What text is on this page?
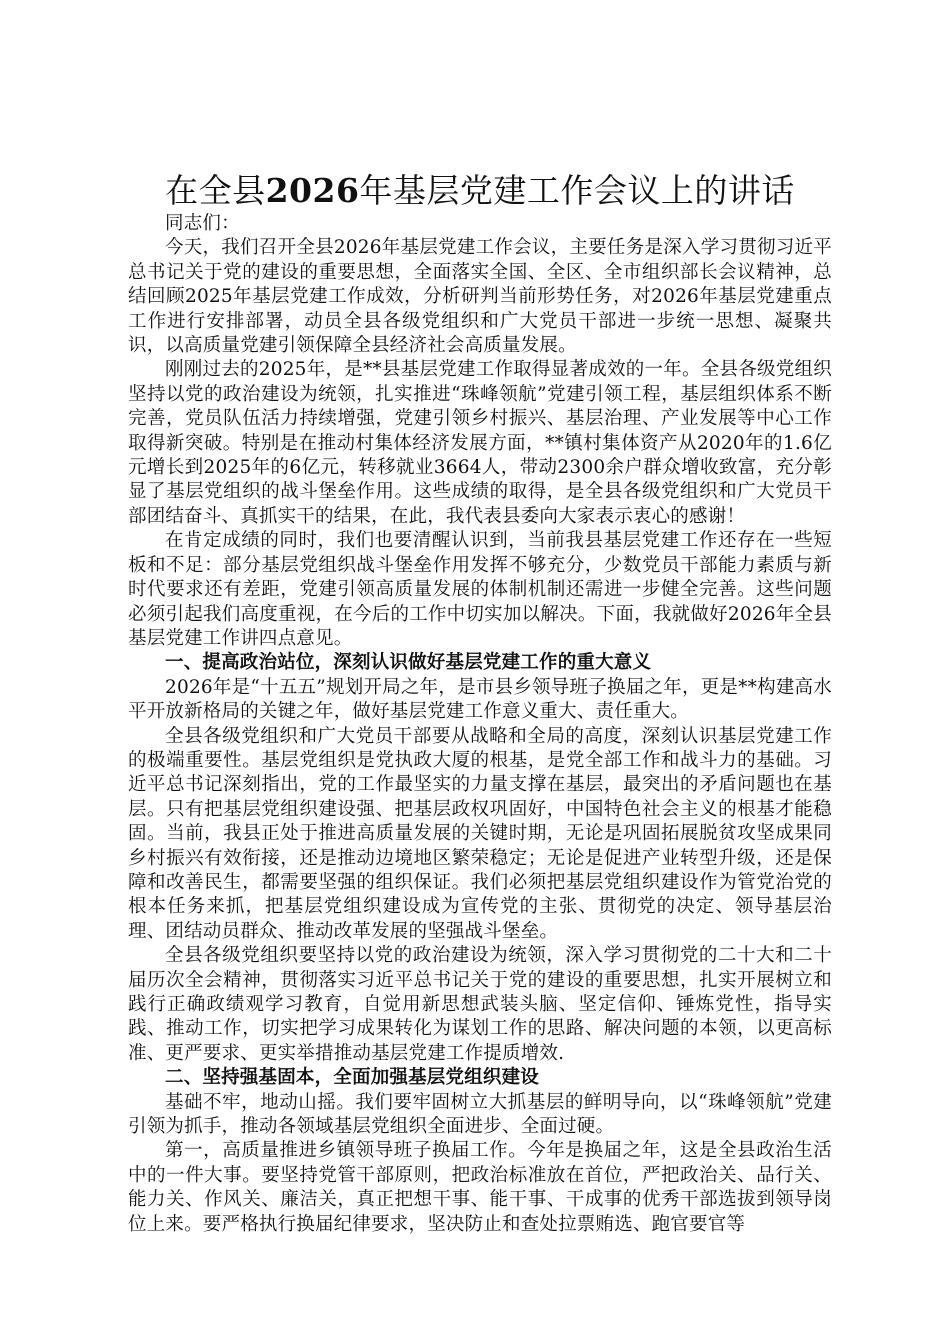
在全县2026年基层党建工作会议上的讲话

同志们：

今天，我们召开全县2026年基层党建工作会议，主要任务是深入学习贯彻习近平总书记关于党的建设的重要思想，全面落实全国、全区、全市组织部长会议精神，总结回顾2025年基层党建工作成效，分析研判当前形势任务，对2026年基层党建重点工作进行安排部署，动员全县各级党组织和广大党员干部进一步统一思想、凝聚共识，以高质量党建引领保障全县经济社会高质量发展。

刚刚过去的2025年，是**县基层党建工作取得显著成效的一年。全县各级党组织坚持以党的政治建设为统领，扎实推进“珠峰领航”党建引领工程，基层组织体系不断完善，党员队伍活力持续增强，党建引领乡村振兴、基层治理、产业发展等中心工作取得新突破。特别是在推动村集体经济发展方面，**镇村集体资产从2020年的1.6亿元增长到2025年的6亿元，转移就业3664人，带动2300余户群众增收致富，充分彰显了基层党组织的战斗堡垒作用。这些成绩的取得，是全县各级党组织和广大党员干部团结奋斗、真抓实干的结果，在此，我代表县委向大家表示衷心的感谢！

在肯定成绩的同时，我们也要清醒认识到，当前我县基层党建工作还存在一些短板和不足：部分基层党组织战斗堡垒作用发挥不够充分，少数党员干部能力素质与新时代要求还有差距，党建引领高质量发展的体制机制还需进一步健全完善。这些问题必须引起我们高度重视，在今后的工作中切实加以解决。下面，我就做好2026年全县基层党建工作讲四点意见。

一、提高政治站位，深刻认识做好基层党建工作的重大意义

2026年是“十五五”规划开局之年，是市县乡领导班子换届之年，更是**构建高水平开放新格局的关键之年，做好基层党建工作意义重大、责任重大。

全县各级党组织和广大党员干部要从战略和全局的高度，深刻认识基层党建工作的极端重要性。基层党组织是党执政大厦的根基，是党全部工作和战斗力的基础。习近平总书记深刻指出，党的工作最坚实的力量支撑在基层，最突出的矛盾问题也在基层。只有把基层党组织建设强、把基层政权巩固好，中国特色社会主义的根基才能稳固。当前，我县正处于推进高质量发展的关键时期，无论是巩固拓展脱贫攻坚成果同乡村振兴有效衔接，还是推动边境地区繁荣稳定；无论是促进产业转型升级，还是保障和改善民生，都需要坚强的组织保证。我们必须把基层党组织建设作为管党治党的根本任务来抓，把基层党组织建设成为宣传党的主张、贯彻党的决定、领导基层治理、团结动员群众、推动改革发展的坚强战斗堡垒。

全县各级党组织要坚持以党的政治建设为统领，深入学习贯彻党的二十大和二十届历次全会精神，贯彻落实习近平总书记关于党的建设的重要思想，扎实开展树立和践行正确政绩观学习教育，自觉用新思想武装头脑、坚定信仰、锤炼党性，指导实践、推动工作，切实把学习成果转化为谋划工作的思路、解决问题的本领，以更高标准、更严要求、更实举措推动基层党建工作提质增效.

二、坚持强基固本，全面加强基层党组织建设

基础不牢，地动山摇。我们要牢固树立大抓基层的鲜明导向，以“珠峰领航”党建引领为抓手，推动各领域基层党组织全面进步、全面过硬。

第一，高质量推进乡镇领导班子换届工作。今年是换届之年，这是全县政治生活中的一件大事。要坚持党管干部原则，把政治标准放在首位，严把政治关、品行关、能力关、作风关、廉洁关，真正把想干事、能干事、干成事的优秀干部选拔到领导岗位上来。要严格执行换届纪律要求，坚决防止和查处拉票贿选、跑官要官等
